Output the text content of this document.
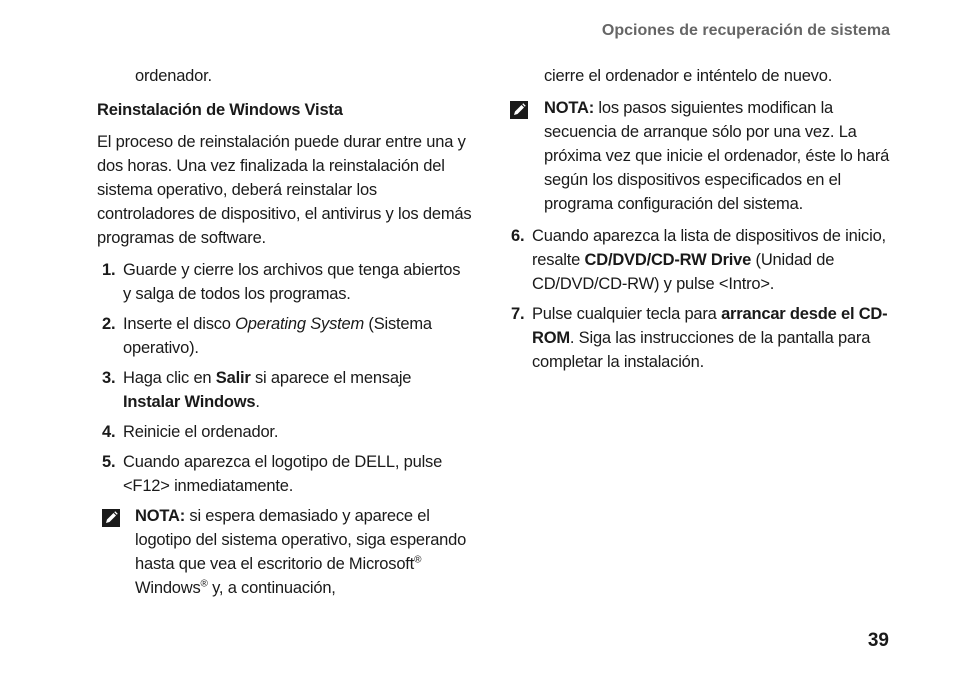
Opciones de recuperación de sistema

ordenador.

Reinstalación de Windows Vista

El proceso de reinstalación puede durar entre una y dos horas. Una vez finalizada la reinstalación del sistema operativo, deberá reinstalar los controladores de dispositivo, el antivirus y los demás programas de software.

1. Guarde y cierre los archivos que tenga abiertos y salga de todos los programas.
2. Inserte el disco Operating System (Sistema operativo).
3. Haga clic en Salir si aparece el mensaje Instalar Windows.
4. Reinicie el ordenador.
5. Cuando aparezca el logotipo de DELL, pulse <F12> inmediatamente.
NOTA: si espera demasiado y aparece el logotipo del sistema operativo, siga esperando hasta que vea el escritorio de Microsoft® Windows® y, a continuación,

cierre el ordenador e inténtelo de nuevo.

NOTA: los pasos siguientes modifican la secuencia de arranque sólo por una vez. La próxima vez que inicie el ordenador, éste lo hará según los dispositivos especificados en el programa configuración del sistema.
6. Cuando aparezca la lista de dispositivos de inicio, resalte CD/DVD/CD-RW Drive (Unidad de CD/DVD/CD-RW) y pulse <Intro>.
7. Pulse cualquier tecla para arrancar desde el CD-ROM. Siga las instrucciones de la pantalla para completar la instalación.
39
